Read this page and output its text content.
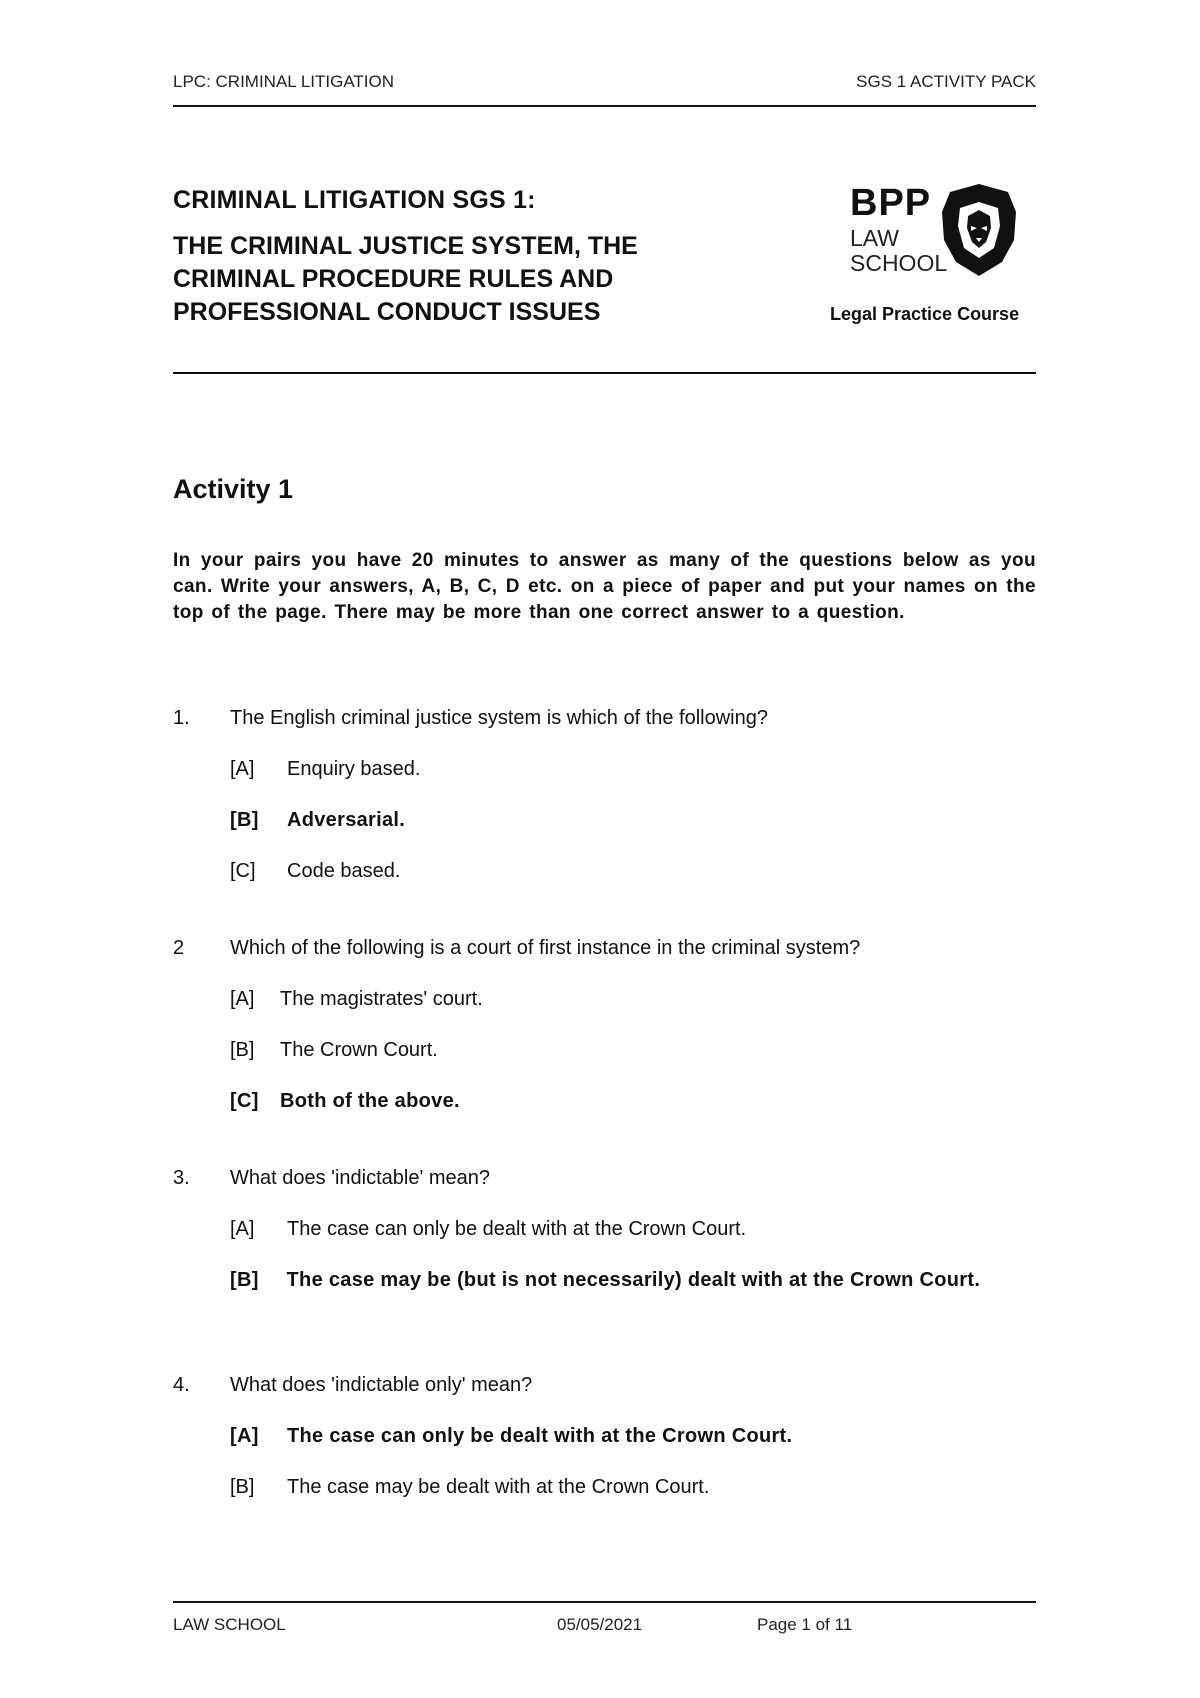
LPC: CRIMINAL LITIGATION	SGS 1 ACTIVITY PACK
CRIMINAL LITIGATION SGS 1:
THE CRIMINAL JUSTICE SYSTEM, THE CRIMINAL PROCEDURE RULES AND PROFESSIONAL CONDUCT ISSUES
BPP
LAW
SCHOOL
Legal Practice Course
Activity 1
In your pairs you have 20 minutes to answer as many of the questions below as you can. Write your answers, A, B, C, D etc. on a piece of paper and put your names on the top of the page. There may be more than one correct answer to a question.
1. The English criminal justice system is which of the following?
[A] Enquiry based.
[B] Adversarial.
[C] Code based.
2 Which of the following is a court of first instance in the criminal system?
[A] The magistrates' court.
[B] The Crown Court.
[C] Both of the above.
3. What does 'indictable' mean?
[A] The case can only be dealt with at the Crown Court.
[B] The case may be (but is not necessarily) dealt with at the Crown Court.
4. What does 'indictable only' mean?
[A] The case can only be dealt with at the Crown Court.
[B] The case may be dealt with at the Crown Court.
LAW SCHOOL	05/05/2021	Page 1 of 11
